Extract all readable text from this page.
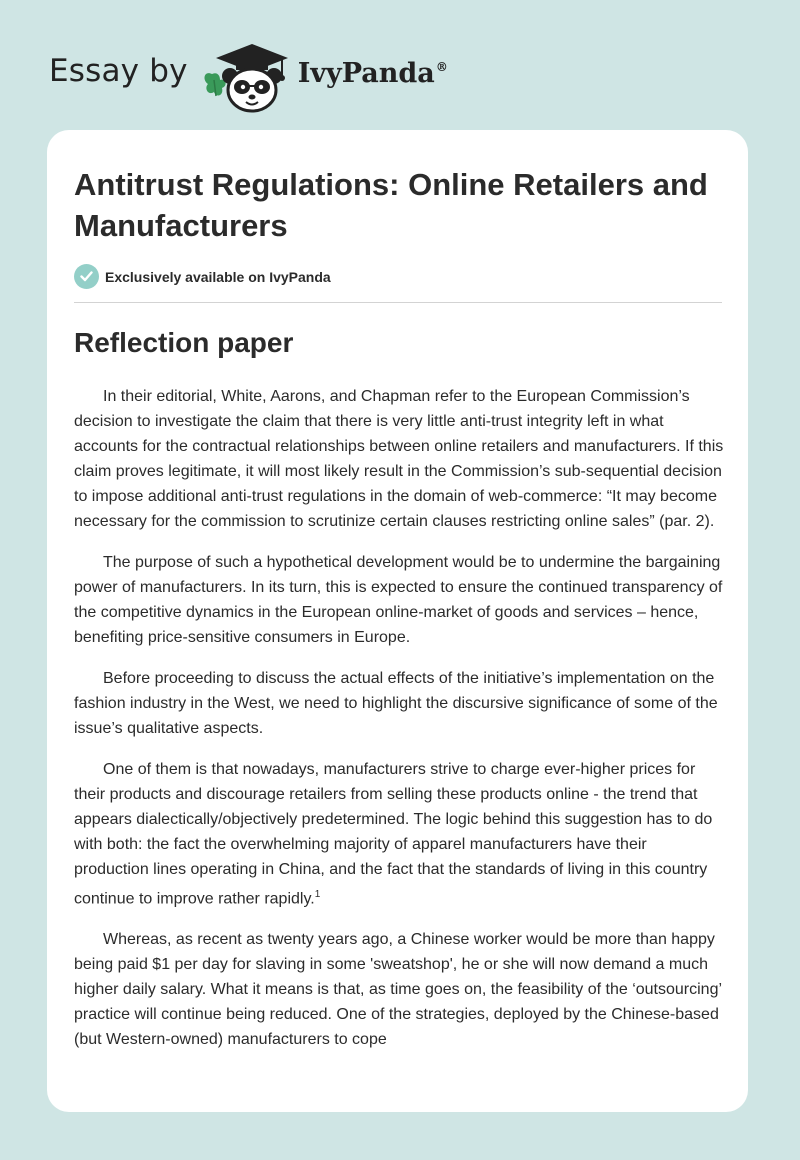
Essay by	IvyPanda®
Antitrust Regulations: Online Retailers and Manufacturers
Exclusively available on IvyPanda
Reflection paper

In their editorial, White, Aarons, and Chapman refer to the European Commission’s decision to investigate the claim that there is very little anti-trust integrity left in what accounts for the contractual relationships between online retailers and manufacturers. If this claim proves legitimate, it will most likely result in the Commission’s sub-sequential decision to impose additional anti-trust regulations in the domain of web-commerce: “It may become necessary for the commission to scrutinize certain clauses restricting online sales” (par. 2).

The purpose of such a hypothetical development would be to undermine the bargaining power of manufacturers. In its turn, this is expected to ensure the continued transparency of the competitive dynamics in the European online-market of goods and services – hence, benefiting price-sensitive consumers in Europe.

Before proceeding to discuss the actual effects of the initiative’s implementation on the fashion industry in the West, we need to highlight the discursive significance of some of the issue’s qualitative aspects.

One of them is that nowadays, manufacturers strive to charge ever-higher prices for their products and discourage retailers from selling these products online - the trend that appears dialectically/objectively predetermined. The logic behind this suggestion has to do with both: the fact the overwhelming majority of apparel manufacturers have their production lines operating in China, and the fact that the standards of living in this country continue to improve rather rapidly.$^1$

Whereas, as recent as twenty years ago, a Chinese worker would be more than happy being paid $1 per day for slaving in some 'sweatshop', he or she will now demand a much higher daily salary. What it means is that, as time goes on, the feasibility of the ‘outsourcing’ practice will continue being reduced. One of the strategies, deployed by the Chinese-based (but Western-owned) manufacturers to cope
